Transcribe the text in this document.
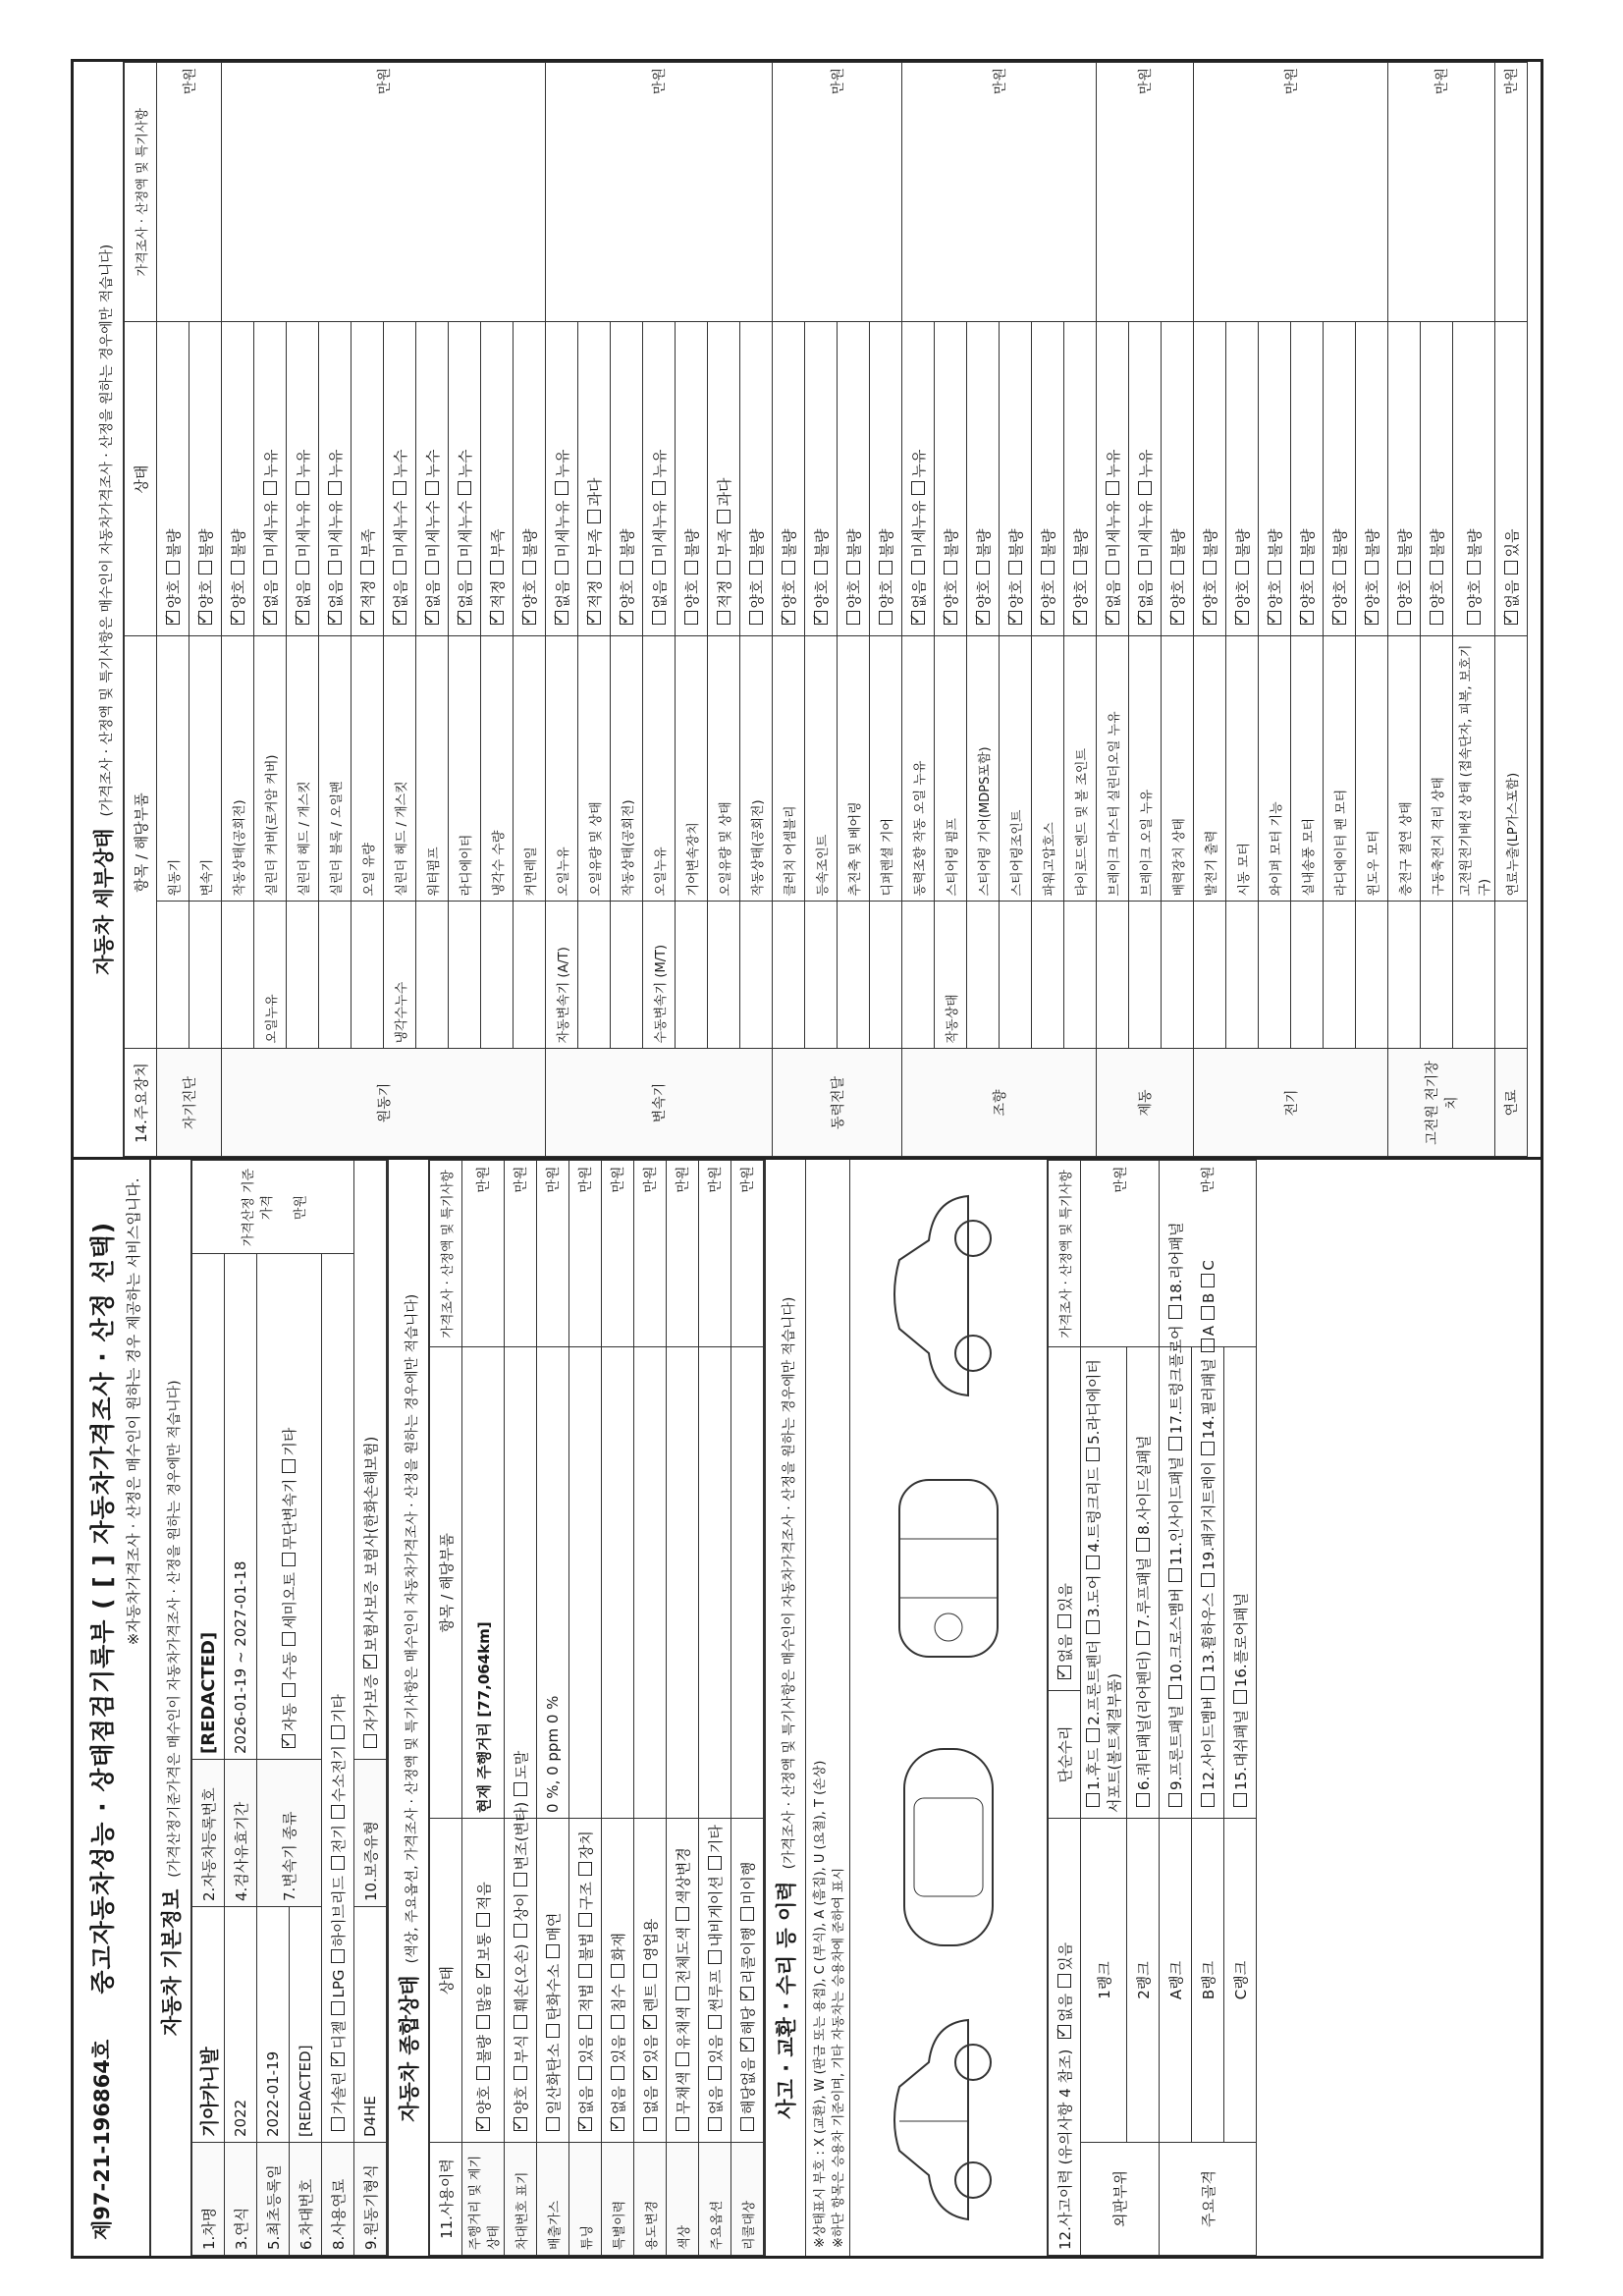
제97-21-196864호
중고자동차성능 · 상태점검기록부 ( [ ] 자동차가격조사 · 산정 선택) ※자동차가격조사 · 산정은 매수인이 원하는 경우 제공하는 서비스입니다.
자동차 기본정보
(가격산정기준가격은 매수인이 자동차가격조사 · 산정을 원하는 경우에만 적습니다)
1.차명	기아카니발	2.자동차등록번호	[REDACTED]	가격산정 기준가격 만원
3.연식	2022	4.검사유효기간	2026-01-19 ~ 2027-01-18	
5.최초등록일	2022-01-19	7.변속기 종류	✓자동수동세미오토무단변속기기타
6.차대번호	[REDACTED]			
8.사용연료	가솔린✓디젤LPG하이브리드전기수소전기기타
9.원동기형식	D4HE	10.보증유형	자가보증✓보험사보증 보험사(한화손해보험)
자동차 종합상태
(색상, 주요옵션, 가격조사 · 산정액 및 특기사항은 매수인이 자동차가격조사 · 산정을 원하는 경우에만 적습니다)
11.사용이력	상태	항목 / 해당부품	가격조사 · 산정액 및 특기사항
주행거리 및 계기상태	✓양호불량많음✓보통적음	현재 주행거리 [77,064km]	만원
차대번호 표기	✓양호부식훼손(오손)상이변조(변타)도말		만원
배출가스	일산화탄소탄화수소매연	0 %, 0 ppm 0 %	만원
튜닝	✓없음있음적법불법구조장치		만원
특별이력	✓없음있음침수화재		만원
용도변경	없음✓있음✓렌트영업용		만원
색상	무채색유채색전체도색색상변경		만원
주요옵션	없음있음썬루프내비게이션기타		만원
리콜대상	해당없음✓해당✓리콜이행미이행		만원
사고 · 교환 · 수리 등 이력
(가격조사 · 산정액 및 특기사항은 매수인이 자동차가격조사 · 산정을 원하는 경우에만 적습니다)
※상태표시 부호 : X (교환), W (판금 또는 용접), C (부식), A (흠집), U (요철), T (손상) ※하단 항목은 승용차 기준이며, 기타 자동차는 승용차에 준하여 표시	12.사고이력 (유의사항 4 참조) ✓없음있음		단순수리	✓없음있음	가격조사 · 산정액 및 특기사항
외판부위	1랭크	1.후드2.프론트펜더3.도어4.트렁크리드5.라디에이터서포트(볼트체결부품)		만원
	2랭크	6.쿼터패널(리어펜더)7.루프패널8.사이드실패널		
주요골격	A랭크	9.프론트패널10.크로스멤버11.인사이드패널17.트렁크플로어18.리어패널		만원
	B랭크	12.사이드멤버13.휠하우스19.패키지트레이14.필러패널ABC		
	C랭크	15.대쉬패널16.플로어패널		
자동차 세부상태
(가격조사 · 산정액 및 특기사항은 매수인이 자동차가격조사 · 산정을 원하는 경우에만 적습니다)
14.주요장치	항목 / 해당부품		상태	가격조사 · 산정액 및 특기사항
자기진단		원동기	✓양호불량	만원
		변속기	✓양호불량
원동기		작동상태(공회전)	✓양호불량	만원
	오일누유	실린더 커버(로커암 커버)	✓없음미세누유누유
		실린더 헤드 / 개스킷	✓없음미세누유누유
		실린더 블록 / 오일팬	✓없음미세누유누유
		오일 유량	✓적정부족
	냉각수누수	실린더 헤드 / 개스킷	✓없음미세누수누수
		워터펌프	✓없음미세누수누수
		라디에이터	✓없음미세누수누수
		냉각수 수량	✓적정부족
		커먼레일	✓양호불량
변속기	자동변속기 (A/T)	오일누유	✓없음미세누유누유	만원
		오일유량 및 상태	✓적정부족과다
		작동상태(공회전)	✓양호불량
	수동변속기 (M/T)	오일누유	없음미세누유누유	
		기어변속장치	양호불량	
		오일유량 및 상태	적정부족과다	
		작동상태(공회전)	양호불량	
동력전달		클러치 어셈블리	✓양호불량	만원
		등속조인트	✓양호불량
		추진축 및 베어링	양호불량	
		디퍼렌셜 기어	양호불량	
조향		동력조향 작동 오일 누유	✓없음미세누유누유	만원
	작동상태	스티어링 펌프	✓양호불량
		스티어링 기어(MDPS포함)	✓양호불량
		스티어링조인트	✓양호불량
		파워고압호스	✓양호불량
		타이로드엔드 및 볼 조인트	✓양호불량
제동		브레이크 마스터 실린더오일 누유	✓없음미세누유누유	만원
		브레이크 오일 누유	✓없음미세누유누유
		배력장치 상태	✓양호불량
전기		발전기 출력	✓양호불량	만원
		시동 모터	✓양호불량
		와이퍼 모터 기능	✓양호불량
		실내송풍 모터	✓양호불량
		라디에이터 팬 모터	✓양호불량
		윈도우 모터	✓양호불량
고전원 전기장치		충전구 절연 상태	양호불량	만원
		구동축전지 격리 상태	양호불량	
		고전원전기배선 상태 (접속단자, 피복, 보호기구)	양호불량	
연료		연료누출(LP가스포함)	✓없음있음	만원
